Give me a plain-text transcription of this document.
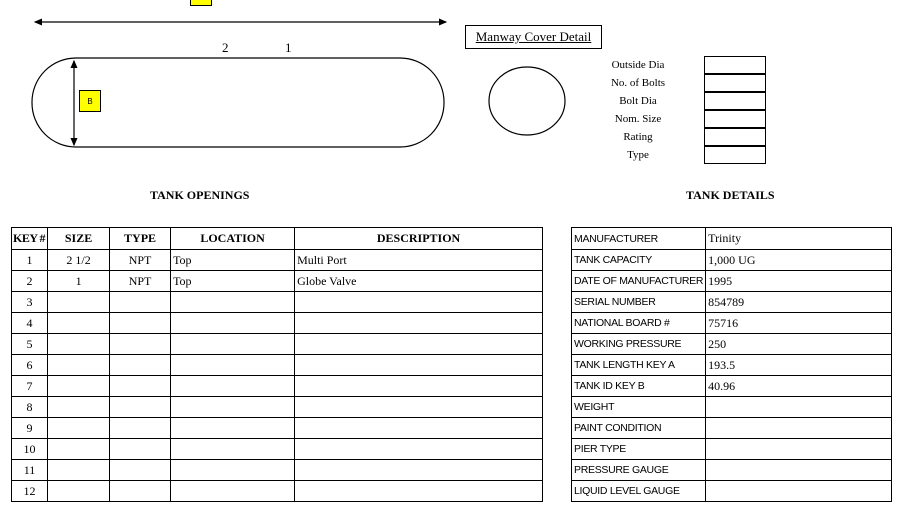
B
2	1
Manway Cover Detail
Outside Dia
No. of Bolts
Bolt Dia
Nom. Size
Rating
Type
TANK OPENINGS	TANK DETAILS
KEY #	SIZE	TYPE	LOCATION	DESCRIPTION
1	2 1/2	NPT	Top	Multi Port
2	1	NPT	Top	Globe Valve
3				
4				
5				
6				
7				
8				
9				
10				
11				
12				
MANUFACTURER	Trinity
TANK CAPACITY	1,000 UG
DATE OF MANUFACTURER	1995
SERIAL NUMBER	854789
NATIONAL BOARD #	75716
WORKING PRESSURE	250
TANK LENGTH KEY A	193.5
TANK ID KEY B	40.96
WEIGHT	
PAINT CONDITION	
PIER TYPE	
PRESSURE GAUGE	
LIQUID LEVEL GAUGE	
